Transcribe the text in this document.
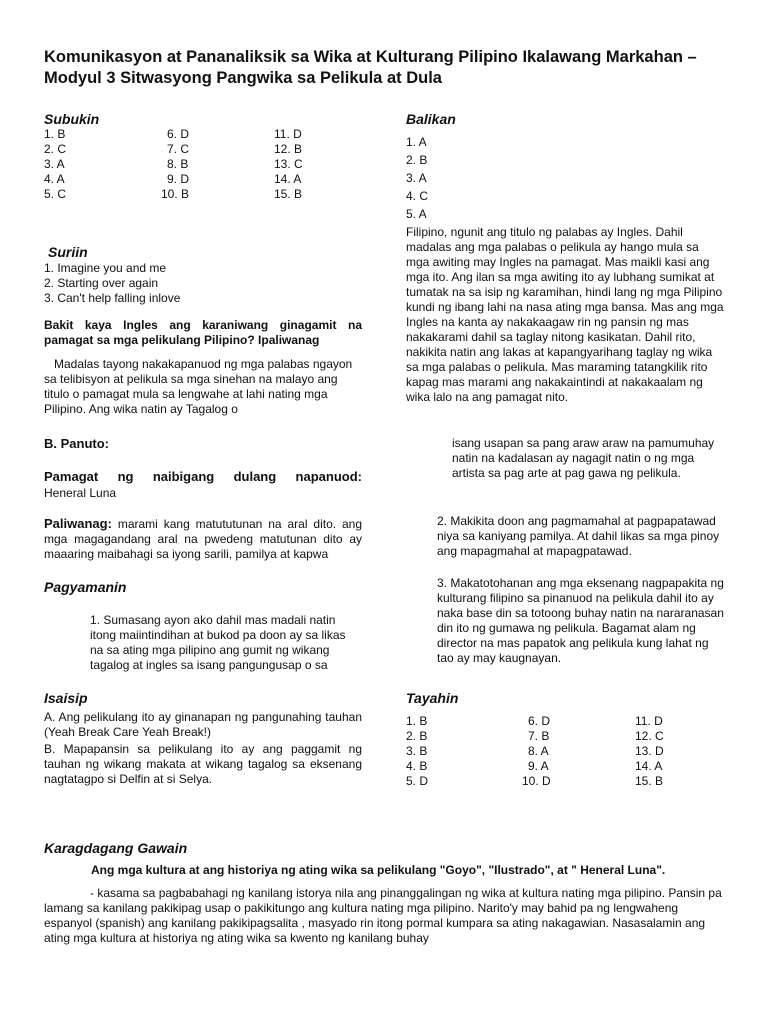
Komunikasyon at Pananaliksik sa Wika at Kulturang Pilipino Ikalawang Markahan – Modyul 3 Sitwasyong Pangwika sa Pelikula at Dula
Subukin
1. B
2. C
3. A
4. A
5. C
6. D
7. C
8. B
9. D
10. B
11. D
12. B
13. C
14. A
15. B
Suriin
1. Imagine you and me
2. Starting over again
3. Can't help falling inlove
Bakit kaya Ingles ang karaniwang ginagamit na pamagat sa mga pelikulang Pilipino? Ipaliwanag
Madalas tayong nakakapanuod ng mga palabas ngayon sa telibisyon at pelikula sa mga sinehan na malayo ang titulo o pamagat mula sa lengwahe at lahi nating mga Pilipino. Ang wika natin ay Tagalog o
B. Panuto:
Pamagat ng naibigang dulang napanuod:
Heneral Luna
Paliwanag: marami kang matututunan na aral dito. ang mga magagandang aral na pwedeng matutunan dito ay maaaring maibahagi sa iyong sarili, pamilya at kapwa
Pagyamanin
1. Sumasang ayon ako dahil mas madali natin itong maiintindihan at bukod pa doon ay sa likas na sa ating mga pilipino ang gumit ng wikang tagalog at ingles sa isang pangungusap o sa
Isaisip
A. Ang pelikulang ito ay ginanapan ng pangunahing tauhan (Yeah Break Care Yeah Break!)
B. Mapapansin sa pelikulang ito ay ang paggamit ng tauhan ng wikang makata at wikang tagalog sa eksenang nagtatagpo si Delfin at si Selya.
Balikan
1. A
2. B
3. A
4. C
5. A
Filipino, ngunit ang titulo ng palabas ay Ingles. Dahil madalas ang mga palabas o pelikula ay hango mula sa mga awiting may Ingles na pamagat. Mas maikli kasi ang mga ito. Ang ilan sa mga awiting ito ay lubhang sumikat at tumatak na sa isip ng karamihan, hindi lang ng mga Pilipino kundi ng ibang lahi na nasa ating mga bansa. Mas ang mga Ingles na kanta ay nakakaagaw rin ng pansin ng mas nakakarami dahil sa taglay nitong kasikatan. Dahil rito, nakikita natin ang lakas at kapangyarihang taglay ng wika sa mga palabas o pelikula. Mas maraming tatangkilik rito kapag mas marami ang nakakaintindi at nakakaalam ng wika lalo na ang pamagat nito.
isang usapan sa pang araw araw na pamumuhay natin na kadalasan ay nagagit natin o ng mga artista sa pag arte at pag gawa ng pelikula.
2. Makikita doon ang pagmamahal at pagpapatawad niya sa kaniyang pamilya. At dahil likas sa mga pinoy ang mapagmahal at mapagpatawad.
3. Makatotohanan ang mga eksenang nagpapakita ng kulturang filipino sa pinanuod na pelikula dahil ito ay naka base din sa totoong buhay natin na nararanasan din ito ng gumawa ng pelikula. Bagamat alam ng director na mas papatok ang pelikula kung lahat ng tao ay may kaugnayan.
Tayahin
1. B
2. B
3. B
4. B
5. D
6. D
7. B
8. A
9. A
10. D
11. D
12. C
13. D
14. A
15. B
Karagdagang Gawain
Ang mga kultura at ang historiya ng ating wika sa pelikulang "Goyo", "Ilustrado", at " Heneral Luna".
- kasama sa pagbabahagi ng kanilang istorya nila ang pinanggalingan ng wika at kultura nating mga pilipino. Pansin pa lamang sa kanilang pakikipag usap o pakikitungo ang kultura nating mga pilipino. Narito'y may bahid pa ng lengwaheng espanyol (spanish) ang kanilang pakikipagsalita , masyado rin itong pormal kumpara sa ating nakagawian. Nasasalamin ang ating mga kultura at historiya ng ating wika sa kwento ng kanilang buhay
